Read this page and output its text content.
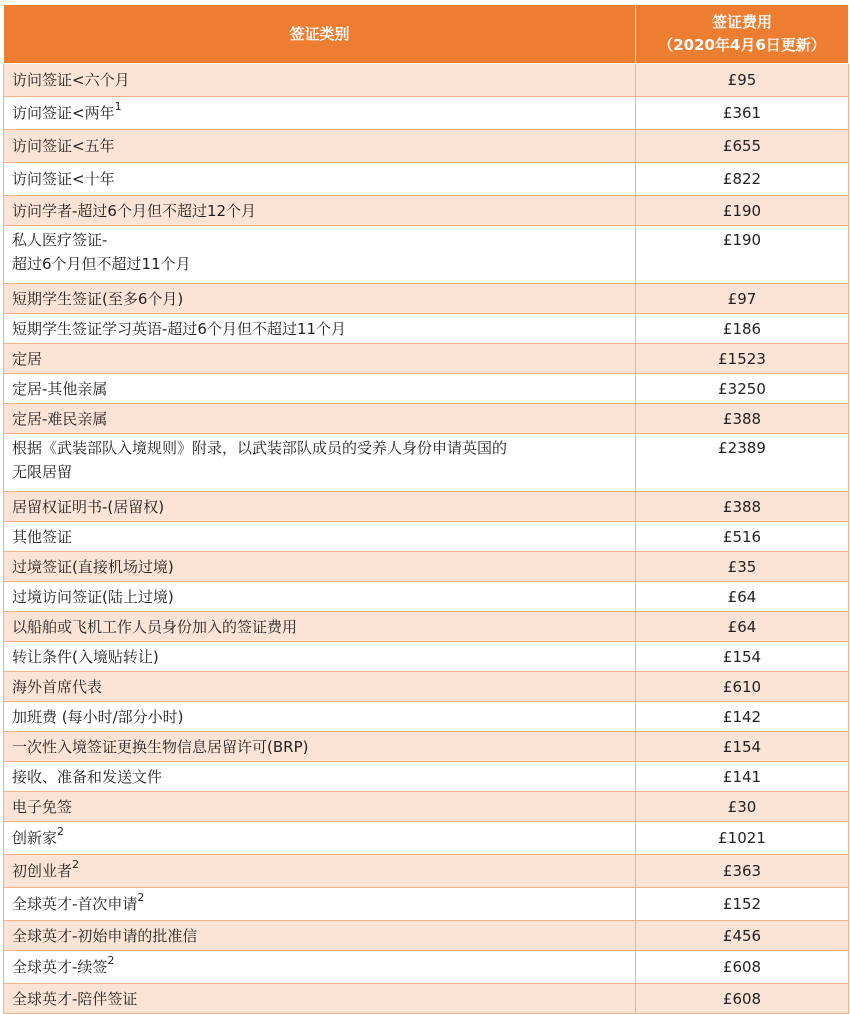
签证类别	签证费用
（2020年4月6日更新）

访问签证<六个月	£95
访问签证<两年$^1$	£361
访问签证<五年	£655
访问签证<十年	£822
访问学者-超过6个月但不超过12个月	£190

私人医疗签证-
超过6个月但不超过11个月	£190
短期学生签证(至多6个月)	£97
短期学生签证学习英语-超过6个月但不超过11个月	£186
定居	£1523
定居-其他亲属	£3250
定居-难民亲属	£388

根据《武装部队入境规则》附录，以武装部队成员的受养人身份申请英国的
无限居留	£2389
居留权证明书-(居留权)	£388
其他签证	£516
过境签证(直接机场过境)	£35
过境访问签证(陆上过境)	£64
以船舶或飞机工作人员身份加入的签证费用	£64
转让条件(入境贴转让)	£154
海外首席代表	£610
加班费 (每小时/部分小时)	£142
一次性入境签证更换生物信息居留许可(BRP)	£154
接收、准备和发送文件	£141
电子免签	£30
创新家$^2$	£1021
初创业者$^2$	£363
全球英才-首次申请$^2$	£152
全球英才-初始申请的批准信	£456
全球英才-续签$^2$	£608
全球英才-陪伴签证	£608
